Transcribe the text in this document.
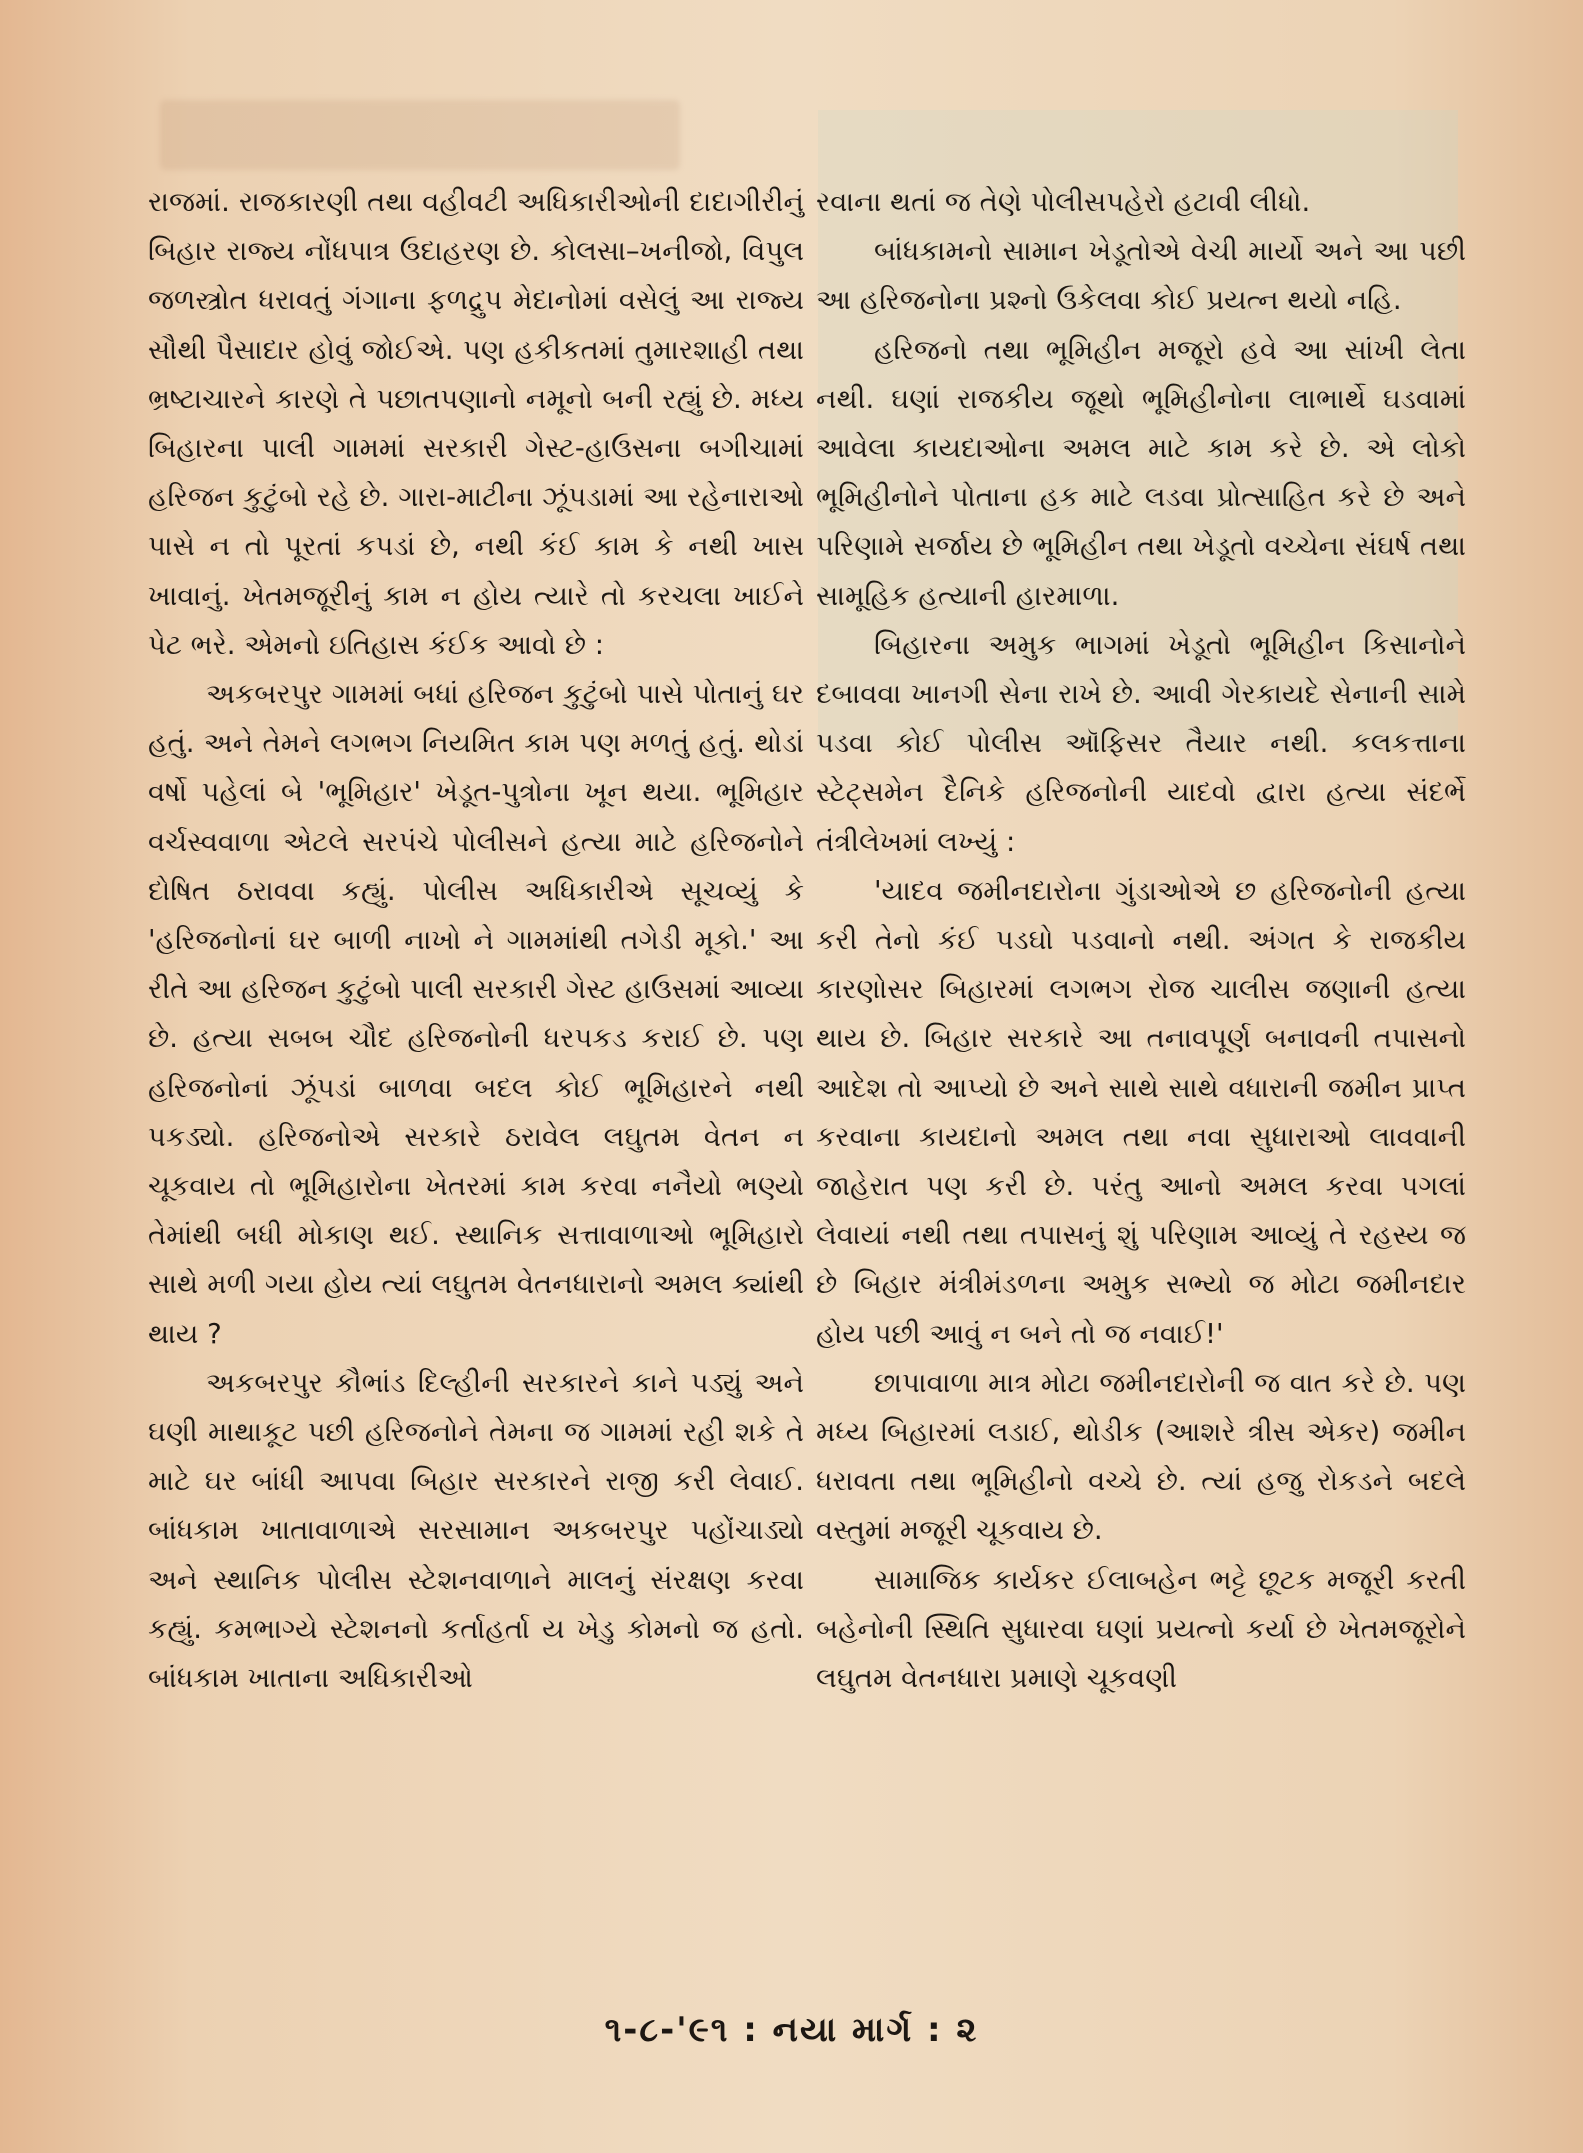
રાજમાં. રાજકારણી તથા વહીવટી અધિકારીઓની દાદાગીરીનું બિહાર રાજ્ય નોંધપાત્ર ઉદાહરણ છે. કોલસા–ખનીજો, વિપુલ જળસ્ત્રોત ધરાવતું ગંગાના ફળદ્રુપ મેદાનોમાં વસેલું આ રાજ્ય સૌથી પૈસાદાર હોવું જોઈએ. પણ હકીકતમાં તુમારશાહી તથા ભ્રષ્ટાચારને કારણે તે પછાતપણાનો નમૂનો બની રહ્યું છે. મધ્ય બિહારના પાલી ગામમાં સરકારી ગેસ્ટ-હાઉસના બગીચામાં હરિજન કુટુંબો રહે છે. ગારા-માટીના ઝૂંપડામાં આ રહેનારાઓ પાસે ન તો પૂરતાં કપડાં છે, નથી કંઈ કામ કે નથી ખાસ ખાવાનું. ખેતમજૂરીનું કામ ન હોય ત્યારે તો કરચલા ખાઈને પેટ ભરે. એમનો ઇતિહાસ કંઈક આવો છે :

અકબરપુર ગામમાં બધાં હરિજન કુટુંબો પાસે પોતાનું ઘર હતું. અને તેમને લગભગ નિયમિત કામ પણ મળતું હતું. થોડાં વર્ષો પહેલાં બે 'ભૂમિહાર' ખેડૂત-પુત્રોના ખૂન થયા. ભૂમિહાર વર્ચસ્વવાળા એટલે સરપંચે પોલીસને હત્યા માટે હરિજનોને દોષિત ઠરાવવા કહ્યું. પોલીસ અધિકારીએ સૂચવ્યું કે 'હરિજનોનાં ઘર બાળી નાખો ને ગામમાંથી તગેડી મૂકો.' આ રીતે આ હરિજન કુટુંબો પાલી સરકારી ગેસ્ટ હાઉસમાં આવ્યા છે. હત્યા સબબ ચૌદ હરિજનોની ધરપકડ કરાઈ છે. પણ હરિજનોનાં ઝૂંપડાં બાળવા બદલ કોઈ ભૂમિહારને નથી પકડ્યો. હરિજનોએ સરકારે ઠરાવેલ લઘુતમ વેતન ન ચૂકવાય તો ભૂમિહારોના ખેતરમાં કામ કરવા નનૈયો ભણ્યો તેમાંથી બધી મોકાણ થઈ. સ્થાનિક સત્તાવાળાઓ ભૂમિહારો સાથે મળી ગયા હોય ત્યાં લઘુતમ વેતનધારાનો અમલ ક્યાંથી થાય ?

અકબરપુર કૌભાંડ દિલ્હીની સરકારને કાને પડ્યું અને ઘણી માથાકૂટ પછી હરિજનોને તેમના જ ગામમાં રહી શકે તે માટે ઘર બાંધી આપવા બિહાર સરકારને રાજી કરી લેવાઈ. બાંધકામ ખાતાવાળાએ સરસામાન અકબરપુર પહોંચાડ્યો અને સ્થાનિક પોલીસ સ્ટેશનવાળાને માલનું સંરક્ષણ કરવા કહ્યું. કમભાગ્યે સ્ટેશનનો કર્તાહર્તા ય ખેડુ કોમનો જ હતો. બાંધકામ ખાતાના અધિકારીઓ

રવાના થતાં જ તેણે પોલીસપહેરો હટાવી લીધો.

બાંધકામનો સામાન ખેડૂતોએ વેચી માર્યો અને આ પછી આ હરિજનોના પ્રશ્નો ઉકેલવા કોઈ પ્રયત્ન થયો નહિ.

હરિજનો તથા ભૂમિહીન મજૂરો હવે આ સાંખી લેતા નથી. ઘણાં રાજકીય જૂથો ભૂમિહીનોના લાભાર્થે ઘડવામાં આવેલા કાયદાઓના અમલ માટે કામ કરે છે. એ લોકો ભૂમિહીનોને પોતાના હક માટે લડવા પ્રોત્સાહિત કરે છે અને પરિણામે સર્જાય છે ભૂમિહીન તથા ખેડૂતો વચ્ચેના સંઘર્ષ તથા સામૂહિક હત્યાની હારમાળા.

બિહારના અમુક ભાગમાં ખેડૂતો ભૂમિહીન કિસાનોને દબાવવા ખાનગી સેના રાખે છે. આવી ગેરકાયદે સેનાની સામે પડવા કોઈ પોલીસ ઑફિસર તૈયાર નથી. કલકત્તાના સ્ટેટ્સમેન દૈનિકે હરિજનોની યાદવો દ્વારા હત્યા સંદર્ભે તંત્રીલેખમાં લખ્યું :

'યાદવ જમીનદારોના ગુંડાઓએ છ હરિજનોની હત્યા કરી તેનો કંઈ પડઘો પડવાનો નથી. અંગત કે રાજકીય કારણોસર બિહારમાં લગભગ રોજ ચાલીસ જણાની હત્યા થાય છે. બિહાર સરકારે આ તનાવપૂર્ણ બનાવની તપાસનો આદેશ તો આપ્યો છે અને સાથે સાથે વધારાની જમીન પ્રાપ્ત કરવાના કાયદાનો અમલ તથા નવા સુધારાઓ લાવવાની જાહેરાત પણ કરી છે. પરંતુ આનો અમલ કરવા પગલાં લેવાયાં નથી તથા તપાસનું શું પરિણામ આવ્યું તે રહસ્ય જ છે બિહાર મંત્રીમંડળના અમુક સભ્યો જ મોટા જમીનદાર હોય પછી આવું ન બને તો જ નવાઈ!'

છાપાવાળા માત્ર મોટા જમીનદારોની જ વાત કરે છે. પણ મધ્ય બિહારમાં લડાઈ, થોડીક (આશરે ત્રીસ એકર) જમીન ધરાવતા તથા ભૂમિહીનો વચ્ચે છે. ત્યાં હજુ રોકડને બદલે વસ્તુમાં મજૂરી ચૂકવાય છે.

સામાજિક કાર્યકર ઈલાબહેન ભટ્ટે છૂટક મજૂરી કરતી બહેનોની સ્થિતિ સુધારવા ઘણાં પ્રયત્નો કર્યા છે ખેતમજૂરોને લઘુતમ વેતનધારા પ્રમાણે ચૂકવણી

૧-૮-'૯૧ : નયા માર્ગ : ૨
